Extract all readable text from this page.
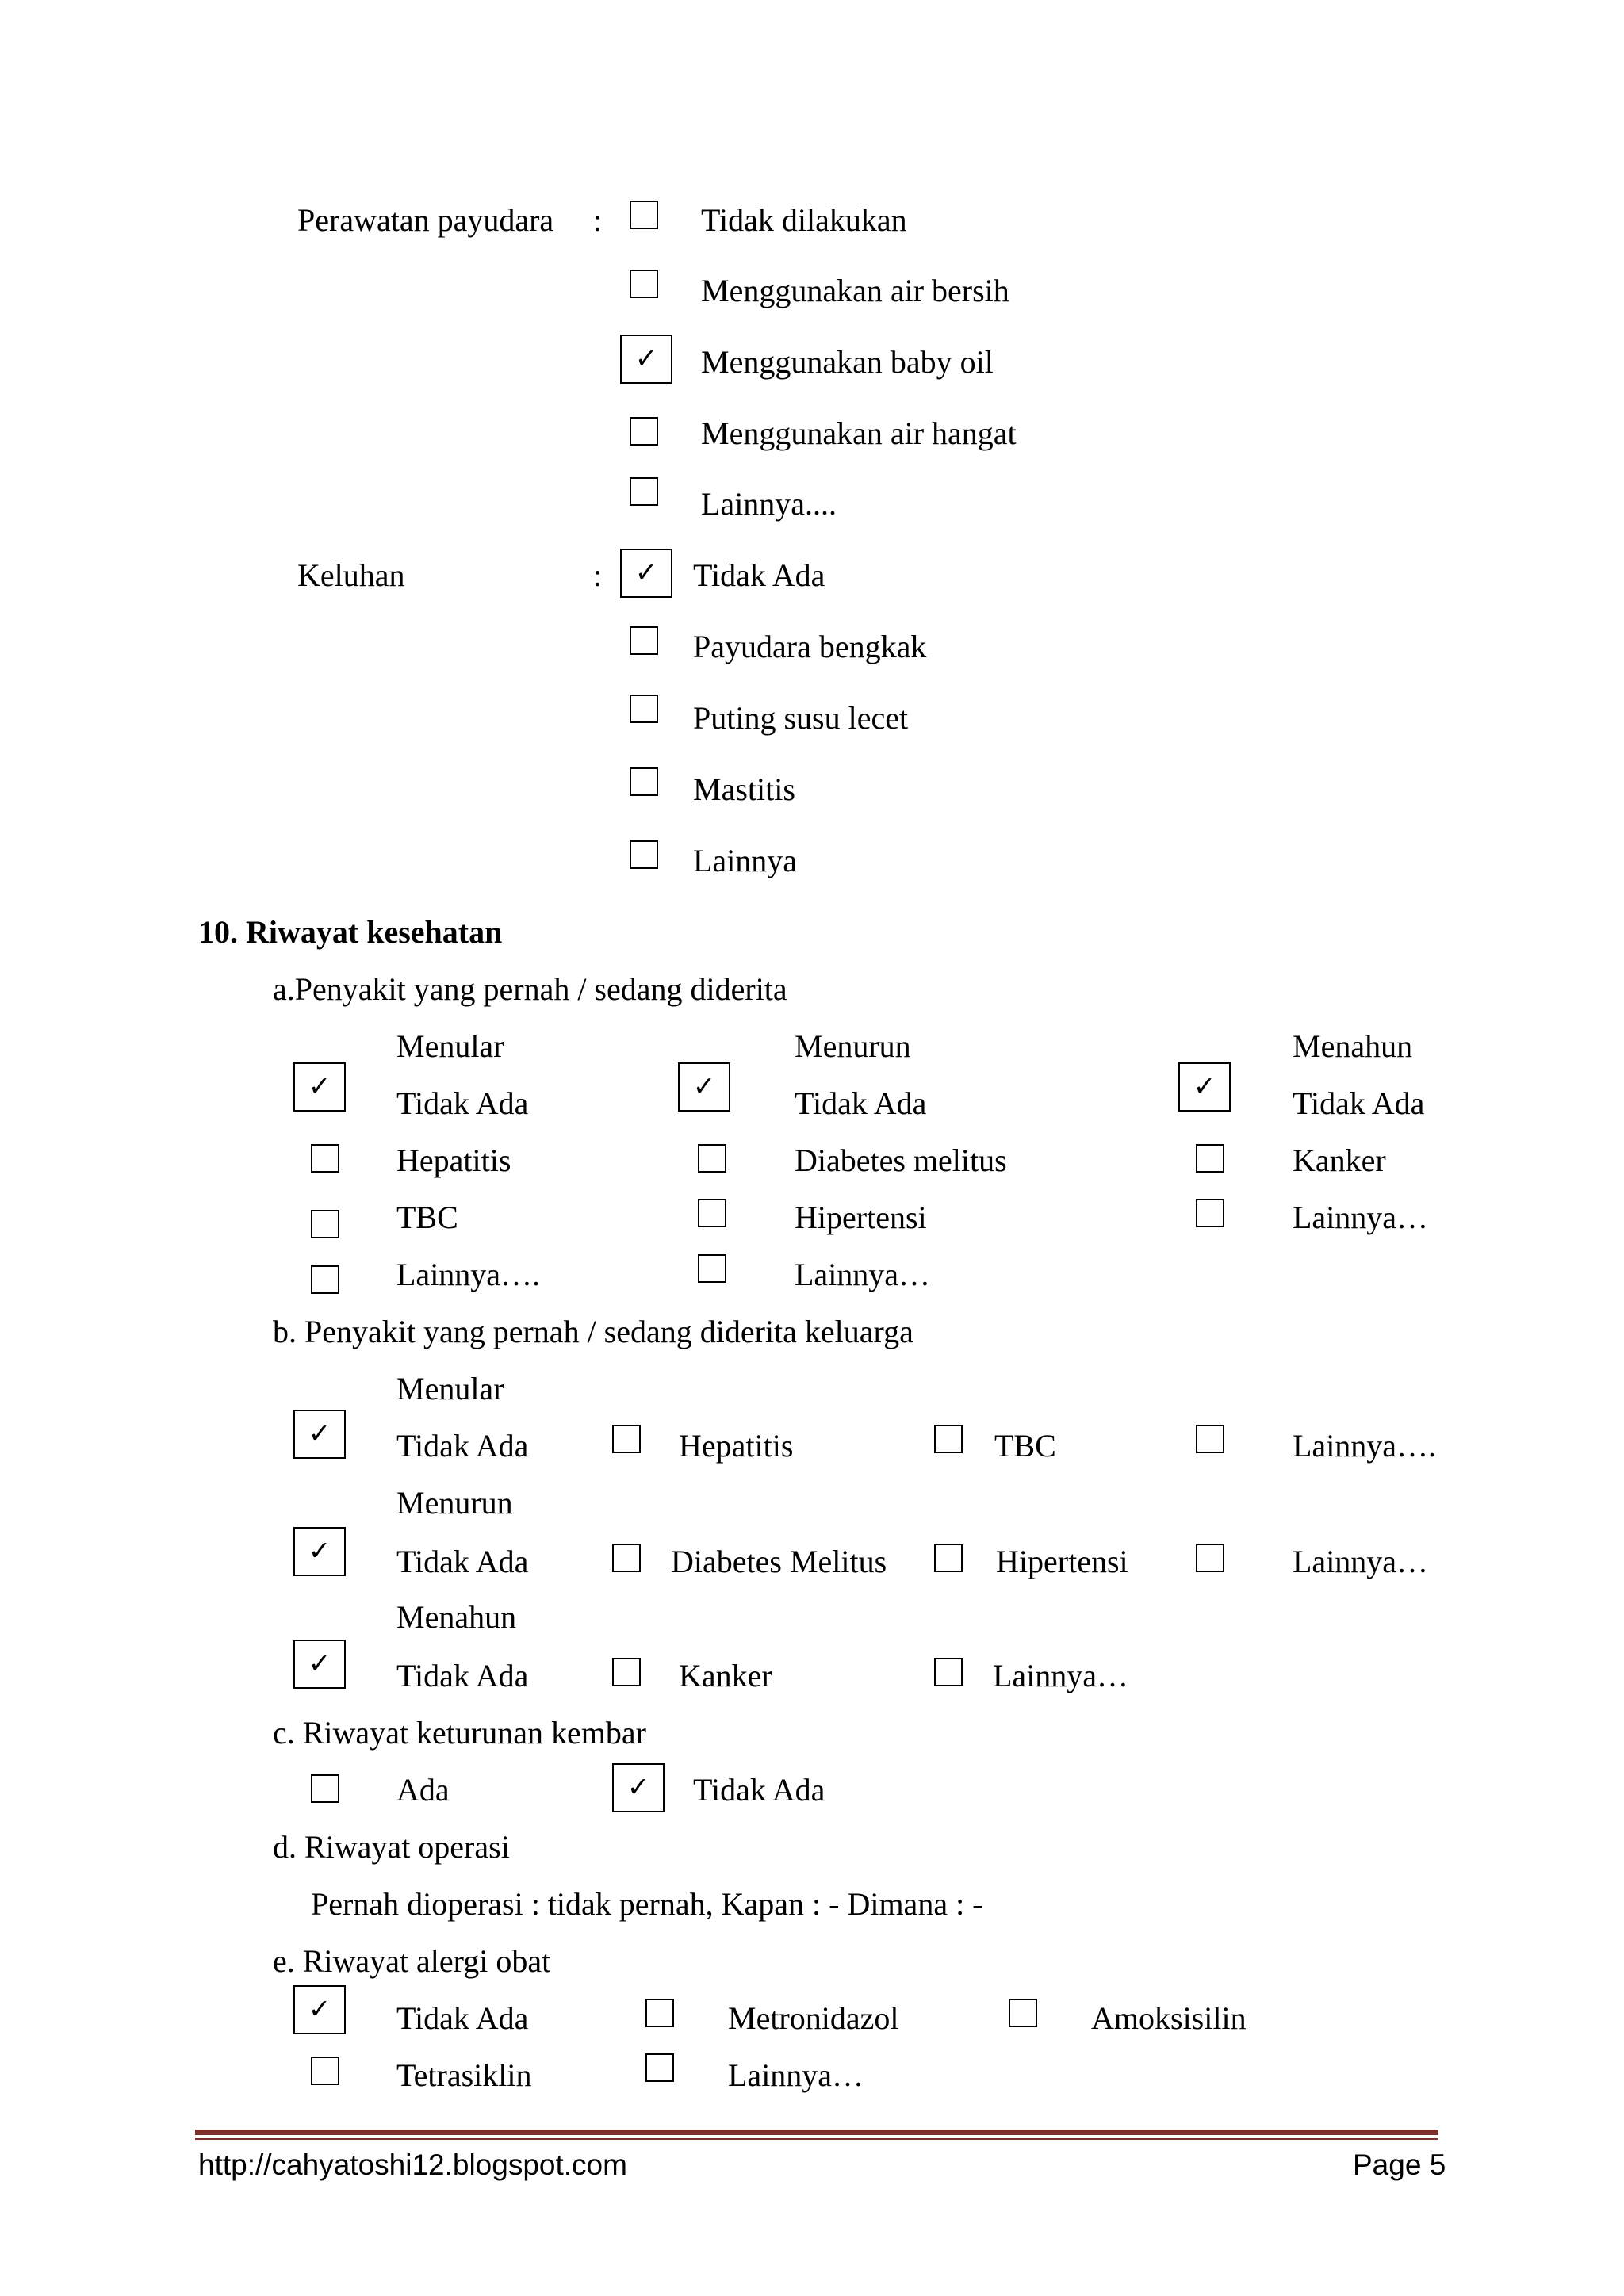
Perawatan payudara :	Tidak dilakukan
Menggunakan air bersih
✓	Menggunakan baby oil
Menggunakan air hangat
Lainnya....
Keluhan	:	✓	Tidak Ada
Payudara bengkak
Puting susu lecet
Mastitis
Lainnya
10. Riwayat kesehatan
a.Penyakit yang pernah / sedang diderita
Menular	Menurun	Menahun
✓	Tidak Ada	✓	Tidak Ada	✓	Tidak Ada
Hepatitis	Diabetes melitus	Kanker
TBC	Hipertensi	Lainnya…
Lainnya….	Lainnya…
b. Penyakit yang pernah / sedang diderita keluarga
Menular
✓	Tidak Ada	Hepatitis	TBC	Lainnya….
Menurun
✓	Tidak Ada	Diabetes Melitus	Hipertensi	Lainnya…
Menahun
✓	Tidak Ada	Kanker	Lainnya…
c. Riwayat keturunan kembar
Ada	✓	Tidak Ada
d. Riwayat operasi
Pernah dioperasi : tidak pernah, Kapan : - Dimana : -
e. Riwayat alergi obat
✓	Tidak Ada	Metronidazol	Amoksisilin
Tetrasiklin	Lainnya…
http://cahyatoshi12.blogspot.com	Page 5
